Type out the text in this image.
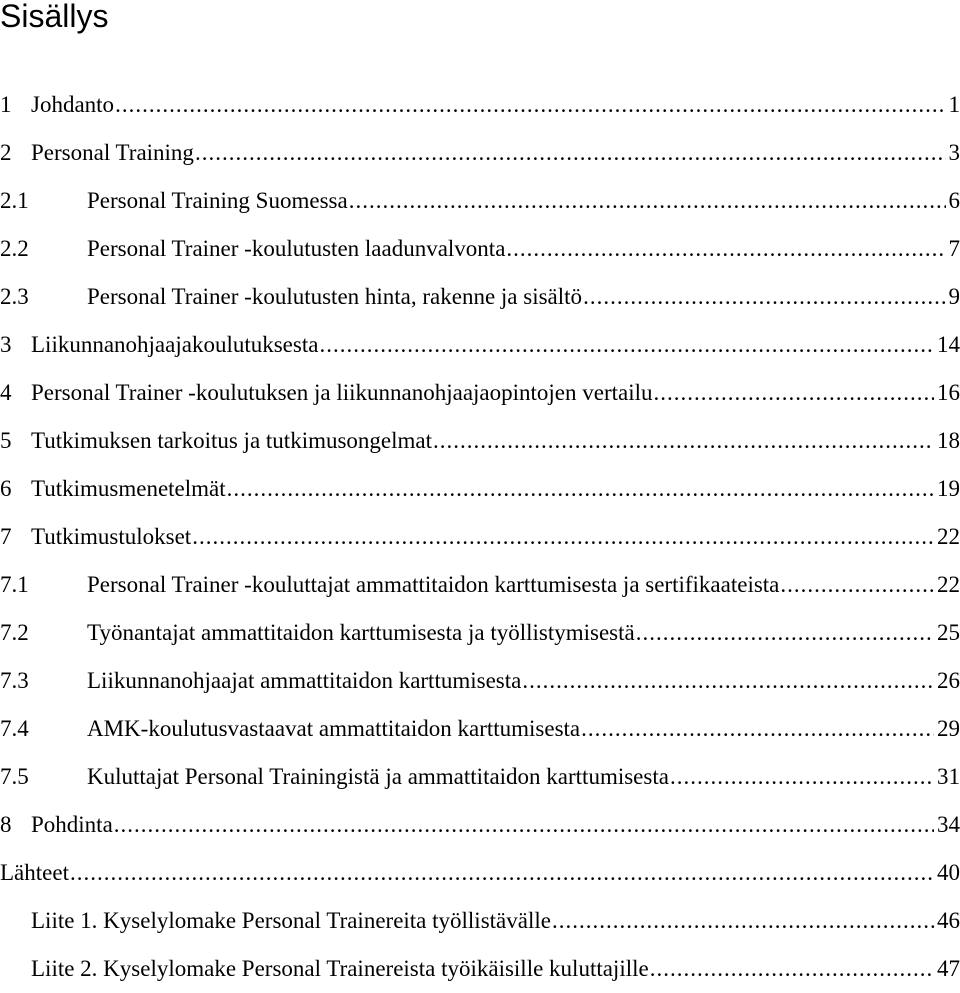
Sisällys
1 Johdanto .....	1
2 Personal Training .....	3
2.1	Personal Training Suomessa .....	6
2.2	Personal Trainer -koulutusten laadunvalvonta .....	7
2.3	Personal Trainer -koulutusten hinta, rakenne ja sisältö .....	9
3 Liikunnanohjaajakoulutuksesta .....	14
4 Personal Trainer -koulutuksen ja liikunnanohjaajaopintojen vertailu .....	16
5 Tutkimuksen tarkoitus ja tutkimusongelmat .....	18
6 Tutkimusmenetelmät .....	19
7 Tutkimustulokset .....	22
7.1	Personal Trainer -kouluttajat ammattitaidon karttumisesta ja sertifikaateista .....	22
7.2	Työnantajat ammattitaidon karttumisesta ja työllistymisestä .....	25
7.3	Liikunnanohjaajat ammattitaidon karttumisesta .....	26
7.4	AMK-koulutusvastaavat ammattitaidon karttumisesta .....	29
7.5	Kuluttajat Personal Trainingistä ja ammattitaidon karttumisesta .....	31
8 Pohdinta .....	34
Lähteet .....	40
Liite 1. Kyselylomake Personal Trainereita työllistävälle .....	46
Liite 2. Kyselylomake Personal Trainereista työikäisille kuluttajille .....	47
